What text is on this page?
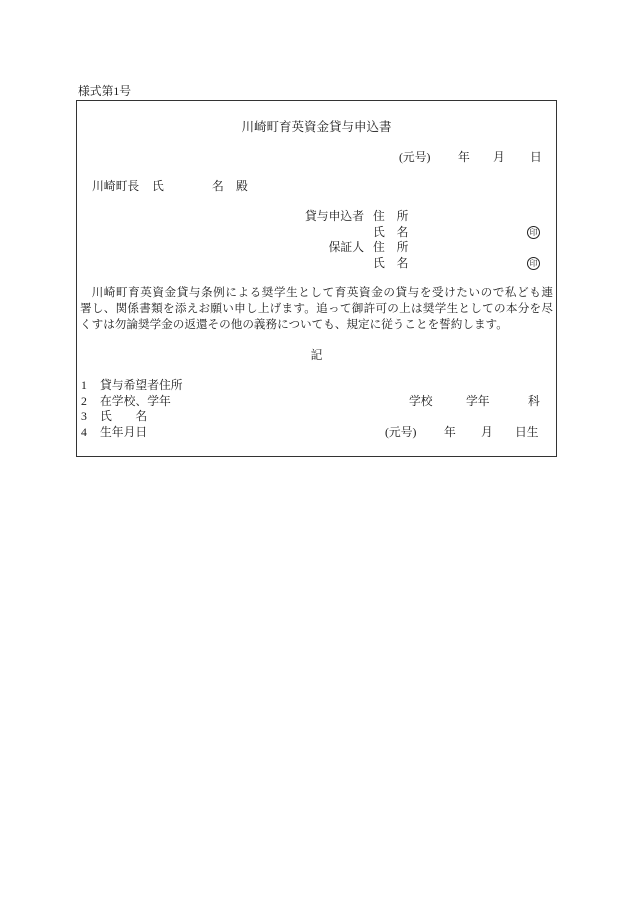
様式第1号
川崎町育英資金貸与申込書
(元号) 年 月 日
川崎町長 氏	名 殿
貸与申込者 住　所
氏　名	印
保証人 住　所
氏　名	印
川崎町育英資金貸与条例による奨学生として育英資金の貸与を受けたいので私ども連
署し、関係書類を添えお願い申し上げます。追って御許可の上は奨学生としての本分を尽
くすは勿論奨学金の返還その他の義務についても、規定に従うことを誓約します。
記
1 貸与希望者住所
2 在学校、学年	学校	学年	科
3 氏　　名
4 生年月日	(元号) 年 月 日生
